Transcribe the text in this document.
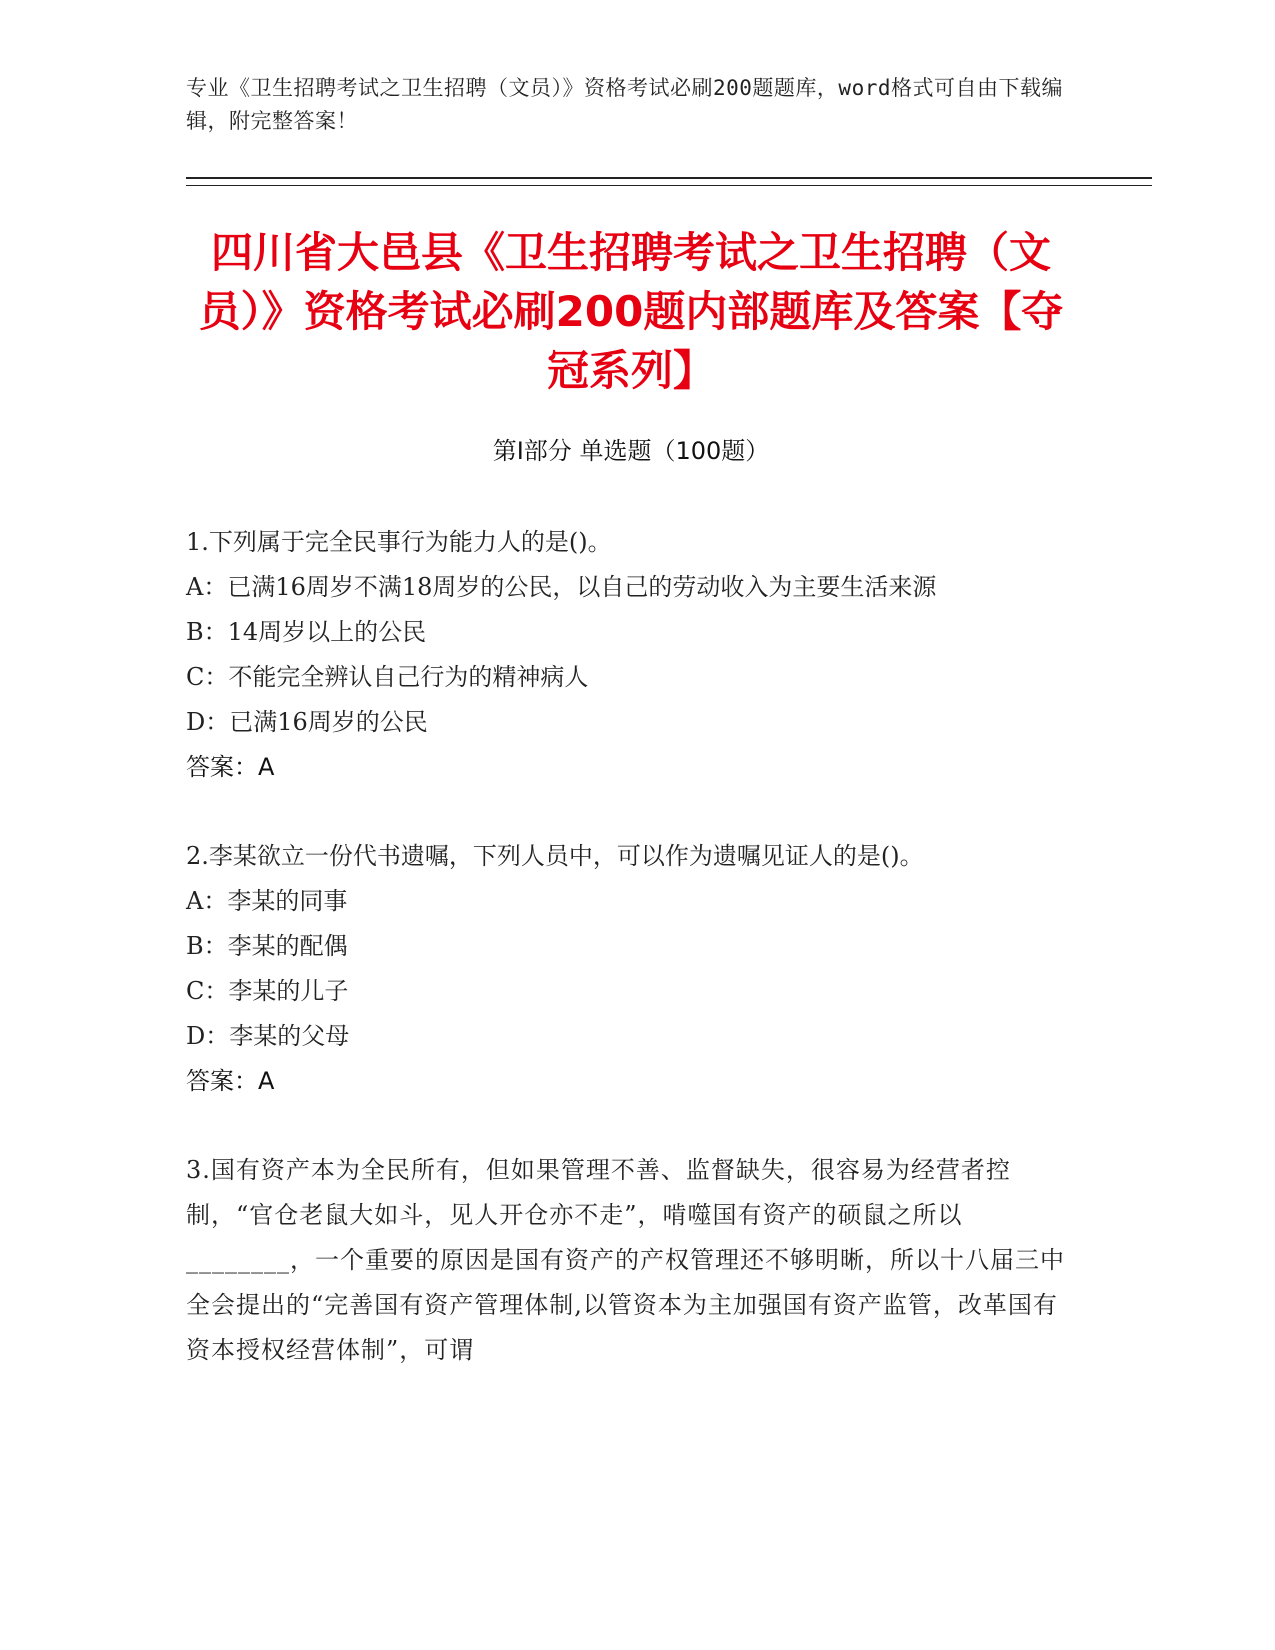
专业《卫生招聘考试之卫生招聘（文员）》资格考试必刷200题题库，word格式可自由下载编辑，附完整答案！
四川省大邑县《卫生招聘考试之卫生招聘（文员）》资格考试必刷200题内部题库及答案【夺冠系列】
第Ⅰ部分 单选题（100题）
1.下列属于完全民事行为能力人的是()。
A：已满16周岁不满18周岁的公民，以自己的劳动收入为主要生活来源
B：14周岁以上的公民
C：不能完全辨认自己行为的精神病人
D：已满16周岁的公民
答案：A
2.李某欲立一份代书遗嘱，下列人员中，可以作为遗嘱见证人的是()。
A：李某的同事
B：李某的配偶
C：李某的儿子
D：李某的父母
答案：A
3.国有资产本为全民所有，但如果管理不善、监督缺失，很容易为经营者控制，“官仓老鼠大如斗，见人开仓亦不走”，啃噬国有资产的硕鼠之所以________，一个重要的原因是国有资产的产权管理还不够明晰，所以十八届三中全会提出的“完善国有资产管理体制,以管资本为主加强国有资产监管，改革国有资本授权经营体制”，可谓
